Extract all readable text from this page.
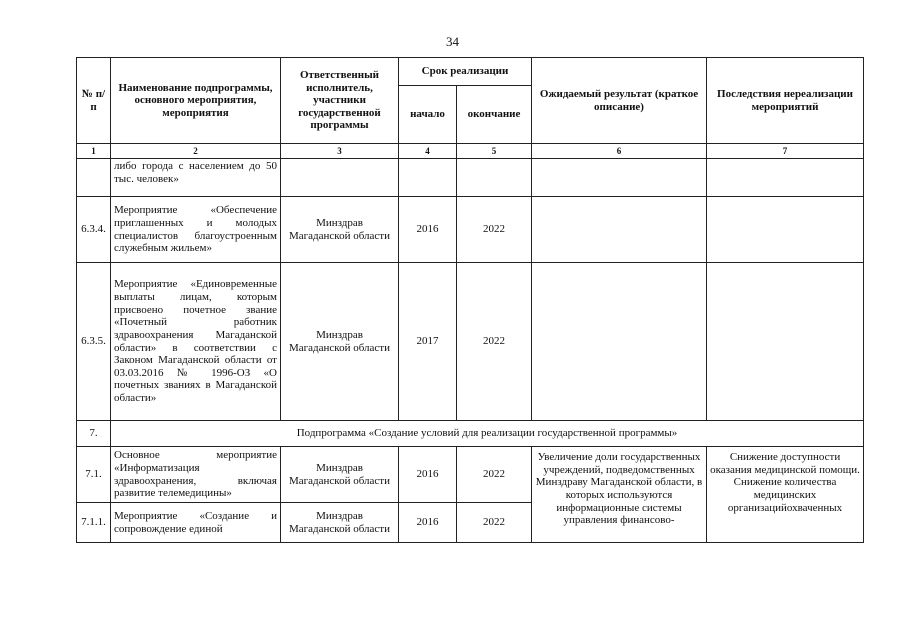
34
№ п/п	Наименование подпрограммы, основного мероприятия, мероприятия	Ответственный исполнитель, участники государственной программы	Срок реализации		Ожидаемый результат (краткое описание)	Последствия нереализации мероприятий
			начало	окончание		
1	2	3	4	5	6	7
	либо города с населением до 50 тыс. человек»					
6.3.4.	Мероприятие «Обеспечение приглашенных и молодых специалистов благоустроенным служебным жильем»	Минздрав Магаданской области	2016	2022		
6.3.5.	Мероприятие «Единовременные выплаты лицам, которым присвоено почетное звание «Почетный работник здравоохранения Магаданской области» в соответствии с Законом Магаданской области от 03.03.2016 № 1996-ОЗ «О почетных званиях в Магаданской области»	Минздрав Магаданской области	2017	2022		
7.	Подпрограмма «Создание условий для реализации государственной программы»					
7.1.	Основное мероприятие «Информатизация здравоохранения, включая развитие телемедицины»	Минздрав Магаданской области	2016	2022	Увеличение доли государственных учреждений, подведомственных Минздраву Магаданской области, в которых используются информационные системы управления финансово-	Снижение доступности оказания медицинской помощи. Снижение количества медицинских организацийохваченных
7.1.1.	Мероприятие «Создание и сопровождение единой	Минздрав Магаданской области	2016	2022		
